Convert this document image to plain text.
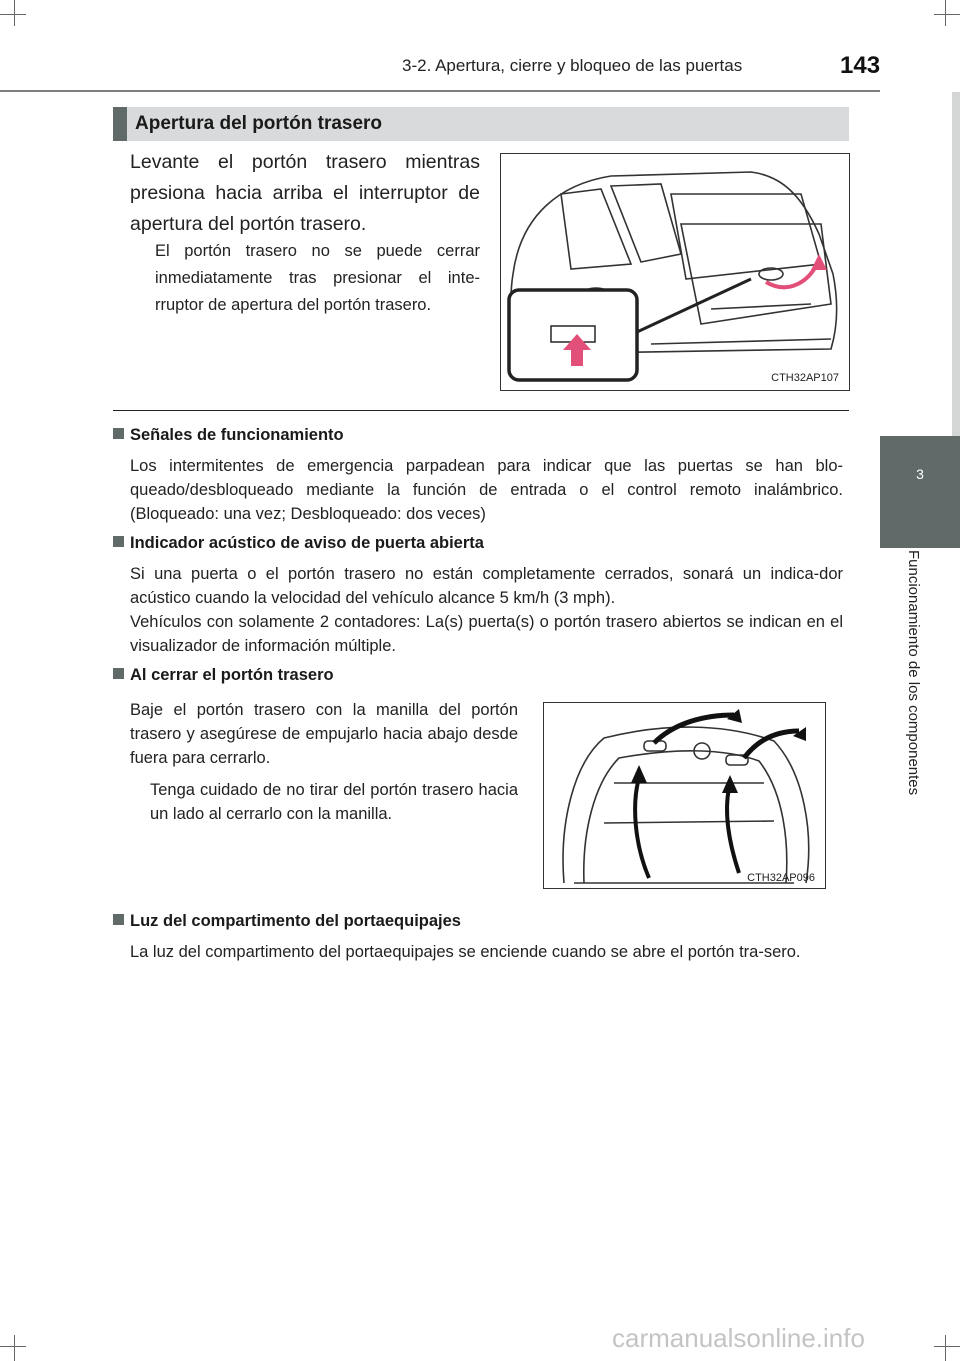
3-2. Apertura, cierre y bloqueo de las puertas	143
3
Funcionamiento de los componentes
Apertura del portón trasero
Levante el portón trasero mientras presiona hacia arriba el interruptor de apertura del portón trasero.
El portón trasero no se puede cerrar inmediatamente tras presionar el inte-rruptor de apertura del portón trasero.
CTH32AP107
Señales de funcionamiento
Los intermitentes de emergencia parpadean para indicar que las puertas se han blo-queado/desbloqueado mediante la función de entrada o el control remoto inalámbrico. (Bloqueado: una vez; Desbloqueado: dos veces)
Indicador acústico de aviso de puerta abierta
Si una puerta o el portón trasero no están completamente cerrados, sonará un indica-dor acústico cuando la velocidad del vehículo alcance 5 km/h (3 mph).
Vehículos con solamente 2 contadores: La(s) puerta(s) o portón trasero abiertos se indican en el visualizador de información múltiple.
Al cerrar el portón trasero
Baje el portón trasero con la manilla del portón trasero y asegúrese de empujarlo hacia abajo desde fuera para cerrarlo.
Tenga cuidado de no tirar del portón trasero hacia un lado al cerrarlo con la manilla.
CTH32AP096
Luz del compartimento del portaequipajes
La luz del compartimento del portaequipajes se enciende cuando se abre el portón tra-sero.
carmanualsonline.info
